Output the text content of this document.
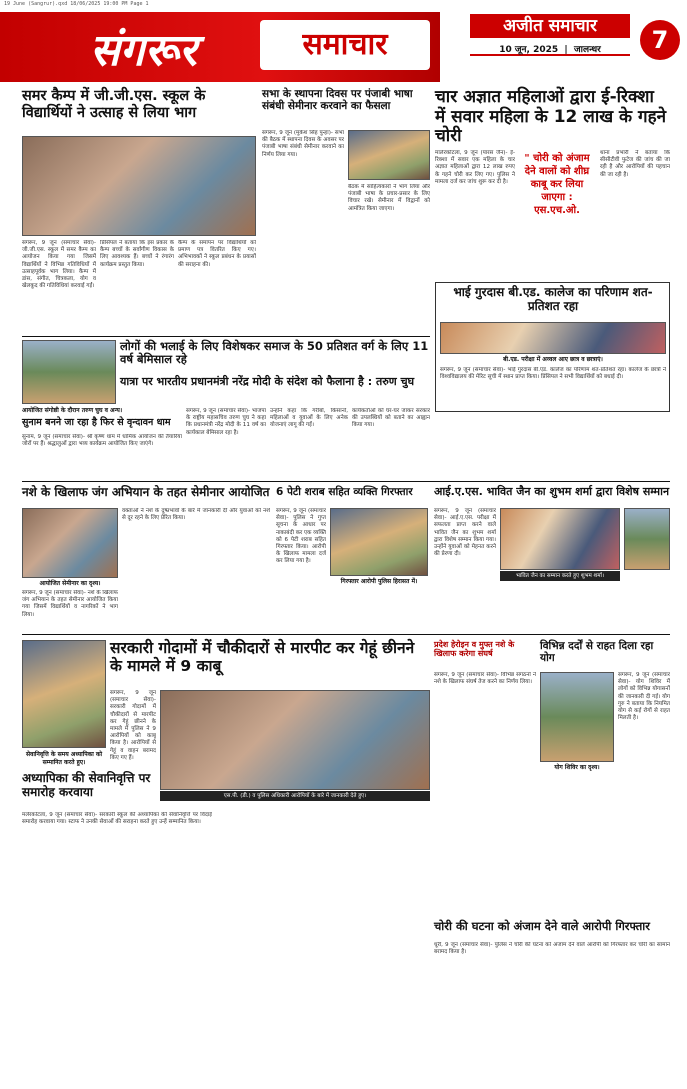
19 June (Sangrur).qxd 18/06/2025 19:00 PM Page 1
संगरूर	समाचार
अजीत समाचार
10 जून, 2025  |  जालन्धर	7
समर कैम्प में जी.जी.एस. स्कूल के विद्यार्थियों ने उत्साह से लिया भाग
संगरूर, 9 जून (समाचार सेवा)- जी.जी.एस. स्कूल में समर कैम्प का आयोजन किया गया जिसमें विद्यार्थियों ने विभिन्न गतिविधियों में उत्साहपूर्वक भाग लिया। कैम्प में डांस, संगीत, चित्रकला, योग व खेलकूद की गतिविधियां करवाई गईं।
प्रिंसिपल ने बताया कि इस प्रकार के कैम्प बच्चों के सर्वांगीण विकास के लिए आवश्यक हैं। बच्चों ने रंगारंग कार्यक्रम प्रस्तुत किया।
कैम्प के समापन पर विद्यार्थियों को प्रमाण पत्र वितरित किए गए। अभिभावकों ने स्कूल प्रबंधन के प्रयासों की सराहना की।
सभा के स्थापना दिवस पर पंजाबी भाषा संबंधी सेमीनार करवाने का फैसला
संगरूर, 9 जून (मुकेश सिंह पुन्हा)- सभा की बैठक में स्थापना दिवस के अवसर पर पंजाबी भाषा संबंधी सेमीनार करवाने का निर्णय लिया गया।
बैठक में साहित्यकारों ने भाग लिया और पंजाबी भाषा के प्रचार-प्रसार के लिए विचार रखे। सेमीनार में विद्वानों को आमंत्रित किया जाएगा।
चार अज्ञात महिलाओं द्वारा ई-रिक्शा में सवार महिला के 12 लाख के गहने चोरी
मालेरकोटला, 9 जून (पारस जैन)- ई-रिक्शा में सवार एक महिला के चार अज्ञात महिलाओं द्वारा 12 लाख रुपए के गहने चोरी कर लिए गए। पुलिस ने मामला दर्ज कर जांच शुरू कर दी है।
" चोरी को अंजाम देने वालों को शीघ्र काबू कर लिया जाएगा : एस.एच.ओ.
थाना प्रभारी ने बताया कि सीसीटीवी फुटेज की जांच की जा रही है और आरोपियों की पहचान की जा रही है।
भाई गुरदास बी.एड. कालेज का परिणाम शत-प्रतिशत रहा
बी.एड. परीक्षा में अव्वल आए छात्र व छात्राएं।
संगरूर, 9 जून (समाचार सेवा)- भाई गुरदास बी.एड. कालेज का परिणाम शत-प्रतिशत रहा। कालेज के छात्रों ने विश्वविद्यालय की मेरिट सूची में स्थान प्राप्त किया। प्रिंसिपल ने सभी विद्यार्थियों को बधाई दी।
लोगों की भलाई के लिए विशेषकर समाज के 50 प्रतिशत वर्ग के लिए 11 वर्ष बेमिसाल रहे
यात्रा पर भारतीय प्रधानमंत्री नरेंद्र मोदी के संदेश को फैलाना है : तरुण चुघ
आयोजित संगोष्ठी के दौरान तरुण चुघ व अन्य।	संगरूर, 9 जून (समाचार सेवा)- भाजपा के राष्ट्रीय महासचिव तरुण चुघ ने कहा कि प्रधानमंत्री नरेंद्र मोदी के 11 वर्ष का कार्यकाल बेमिसाल रहा है।
उन्होंने कहा कि गरीबों, किसानों, महिलाओं व युवाओं के लिए अनेक योजनाएं लागू की गईं।
कार्यकर्ताओं को घर-घर जाकर सरकार की उपलब्धियों को बताने का आह्वान किया गया।
सुनाम बनने जा रहा है फिर से वृन्दावन धाम
सुनाम, 9 जून (समाचार सेवा)- श्री कृष्ण धाम में धार्मिक आयोजन की तैयारियां जोरों पर हैं। श्रद्धालुओं द्वारा भव्य कार्यक्रम आयोजित किए जाएंगे।
नशे के खिलाफ जंग अभियान के तहत सेमीनार आयोजित
आयोजित सेमीनार का दृश्य।
संगरूर, 9 जून (समाचार सेवा)- नशे के खिलाफ जंग अभियान के तहत सेमीनार आयोजित किया गया जिसमें विद्यार्थियों व नागरिकों ने भाग लिया।
वक्ताओं ने नशे के दुष्प्रभावों के बारे में जानकारी दी और युवाओं को नशे से दूर रहने के लिए प्रेरित किया।
6 पेटी शराब सहित व्यक्ति गिरफ्तार
गिरफ्तार आरोपी पुलिस हिरासत में।
संगरूर, 9 जून (समाचार सेवा)- पुलिस ने गुप्त सूचना के आधार पर नाकाबंदी कर एक व्यक्ति को 6 पेटी शराब सहित गिरफ्तार किया। आरोपी के खिलाफ मामला दर्ज कर लिया गया है।
आई.ए.एस. भावित जैन का शुभम शर्मा द्वारा विशेष सम्मान
संगरूर, 9 जून (समाचार सेवा)- आई.ए.एस. परीक्षा में सफलता प्राप्त करने वाले भावित जैन का शुभम शर्मा द्वारा विशेष सम्मान किया गया। उन्होंने युवाओं को मेहनत करने की प्रेरणा दी।
भावित जैन का सम्मान करते हुए शुभम शर्मा।
सरकारी गोदामों में चौकीदारों से मारपीट कर गेहूं छीनने के मामले में 9 काबू
संगरूर, 9 जून (समाचार सेवा)- सरकारी गोदामों में चौकीदारों से मारपीट कर गेहूं छीनने के मामले में पुलिस ने 9 आरोपियों को काबू किया है। आरोपियों से गेहूं व वाहन बरामद किए गए हैं।
एस.पी. (डी.) व पुलिस अधिकारी आरोपियों के बारे में जानकारी देते हुए।
सेवानिवृत्ति के समय अध्यापिका को सम्मानित करते हुए।
अध्यापिका की सेवानिवृत्ति पर समारोह करवाया
मलेरकोटला, 9 जून (समाचार सेवा)- सरकारी स्कूल की अध्यापिका की सेवानिवृत्ति पर विदाई समारोह करवाया गया। स्टाफ ने उनकी सेवाओं की सराहना करते हुए उन्हें सम्मानित किया।
प्रदेश हेरोइन व मुफ्त नशे के खिलाफ करेगा संघर्ष
संगरूर, 9 जून (समाचार सेवा)- विभिन्न संगठनों ने नशे के खिलाफ संघर्ष तेज करने का निर्णय लिया।
विभिन्न दर्दों से राहत दिला रहा योग
योग शिविर का दृश्य।
संगरूर, 9 जून (समाचार सेवा)- योग शिविर में लोगों को विभिन्न योगासनों की जानकारी दी गई। योग गुरु ने बताया कि नियमित योग से कई रोगों से राहत मिलती है।
चोरी की घटना को अंजाम देने वाले आरोपी गिरफ्तार
धूरी, 9 जून (समाचार सेवा)- पुलिस ने चोरी की घटना को अंजाम देने वाले आरोपी को गिरफ्तार कर चोरी का सामान बरामद किया है।
